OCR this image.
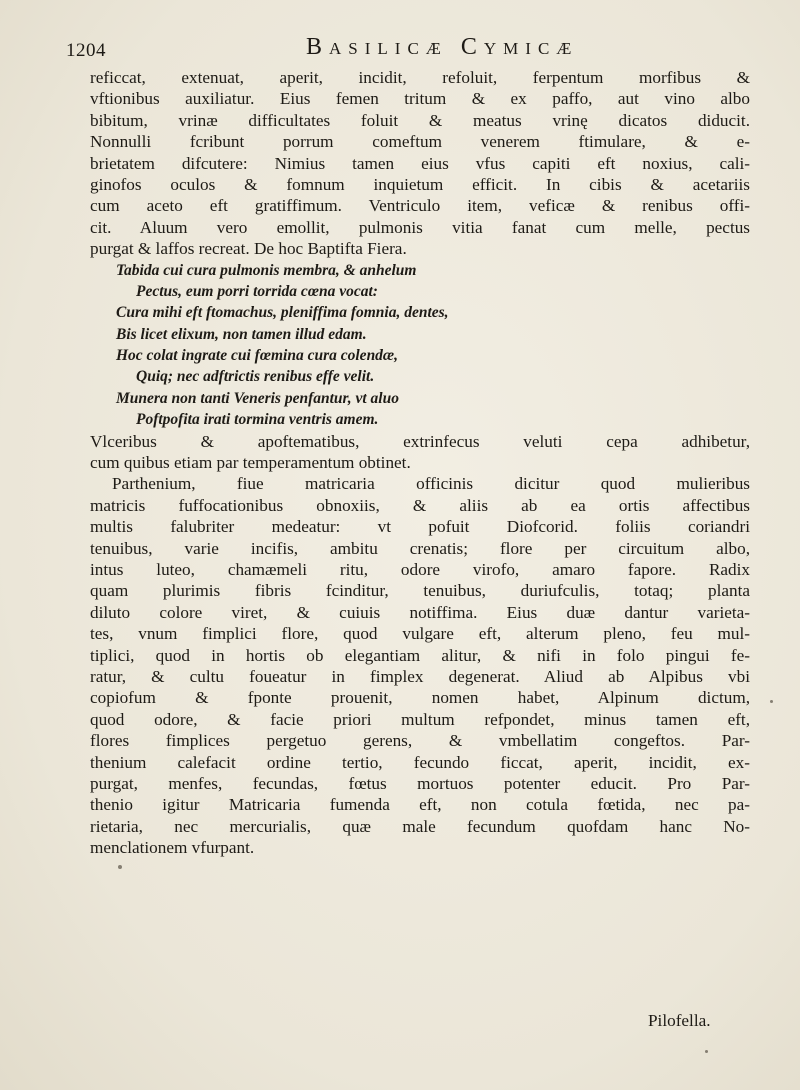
1204	Basilicæ Cymicæ
reficcat, extenuat, aperit, incidit, refoluit, ferpentum morfibus &
vftionibus auxiliatur. Eius femen tritum & ex paffo, aut vino albo
bibitum, vrinæ difficultates foluit & meatus vrinę dicatos diducit.
Nonnulli fcribunt porrum comeftum venerem ftimulare, & e-
brietatem difcutere: Nimius tamen eius vfus capiti eft noxius, cali-
ginofos oculos & fomnum inquietum efficit. In cibis & acetariis
cum aceto eft gratiffimum. Ventriculo item, veficæ & renibus offi-
cit. Aluum vero emollit, pulmonis vitia fanat cum melle, pectus
purgat & laffos recreat. De hoc Baptifta Fiera.
Tabida cui cura pulmonis membra, & anhelum
Pectus, eum porri torrida cœna vocat:
Cura mihi eft ftomachus, pleniffima fomnia, dentes,
Bis licet elixum, non tamen illud edam.
Hoc colat ingrate cui fœmina cura colendæ,
Quiq; nec adftrictis renibus effe velit.
Munera non tanti Veneris penfantur, vt aluo
Poftpofita irati tormina ventris amem.
Vlceribus & apoftematibus, extrinfecus veluti cepa adhibetur,
cum quibus etiam par temperamentum obtinet.
Parthenium, fiue matricaria officinis dicitur quod mulieribus
matricis fuffocationibus obnoxiis, & aliis ab ea ortis affectibus
multis falubriter medeatur: vt pofuit Diofcorid. foliis coriandri
tenuibus, varie incifis, ambitu crenatis; flore per circuitum albo,
intus luteo, chamæmeli ritu, odore virofo, amaro fapore. Radix
quam plurimis fibris fcinditur, tenuibus, duriufculis, totaq; planta
diluto colore viret, & cuiuis notiffima. Eius duæ dantur varieta-
tes, vnum fimplici flore, quod vulgare eft, alterum pleno, feu mul-
tiplici, quod in hortis ob elegantiam alitur, & nifi in folo pingui fe-
ratur, & cultu foueatur in fimplex degenerat. Aliud ab Alpibus vbi
copiofum & fponte prouenit, nomen habet, Alpinum dictum,
quod odore, & facie priori multum refpondet, minus tamen eft,
flores fimplices pergetuo gerens, & vmbellatim congeftos. Par-
thenium calefacit ordine tertio, fecundo ficcat, aperit, incidit, ex-
purgat, menfes, fecundas, fœtus mortuos potenter educit. Pro Par-
thenio igitur Matricaria fumenda eft, non cotula fœtida, nec pa-
rietaria, nec mercurialis, quæ male fecundum quofdam hanc No-
menclationem vfurpant.
Pilofella.
